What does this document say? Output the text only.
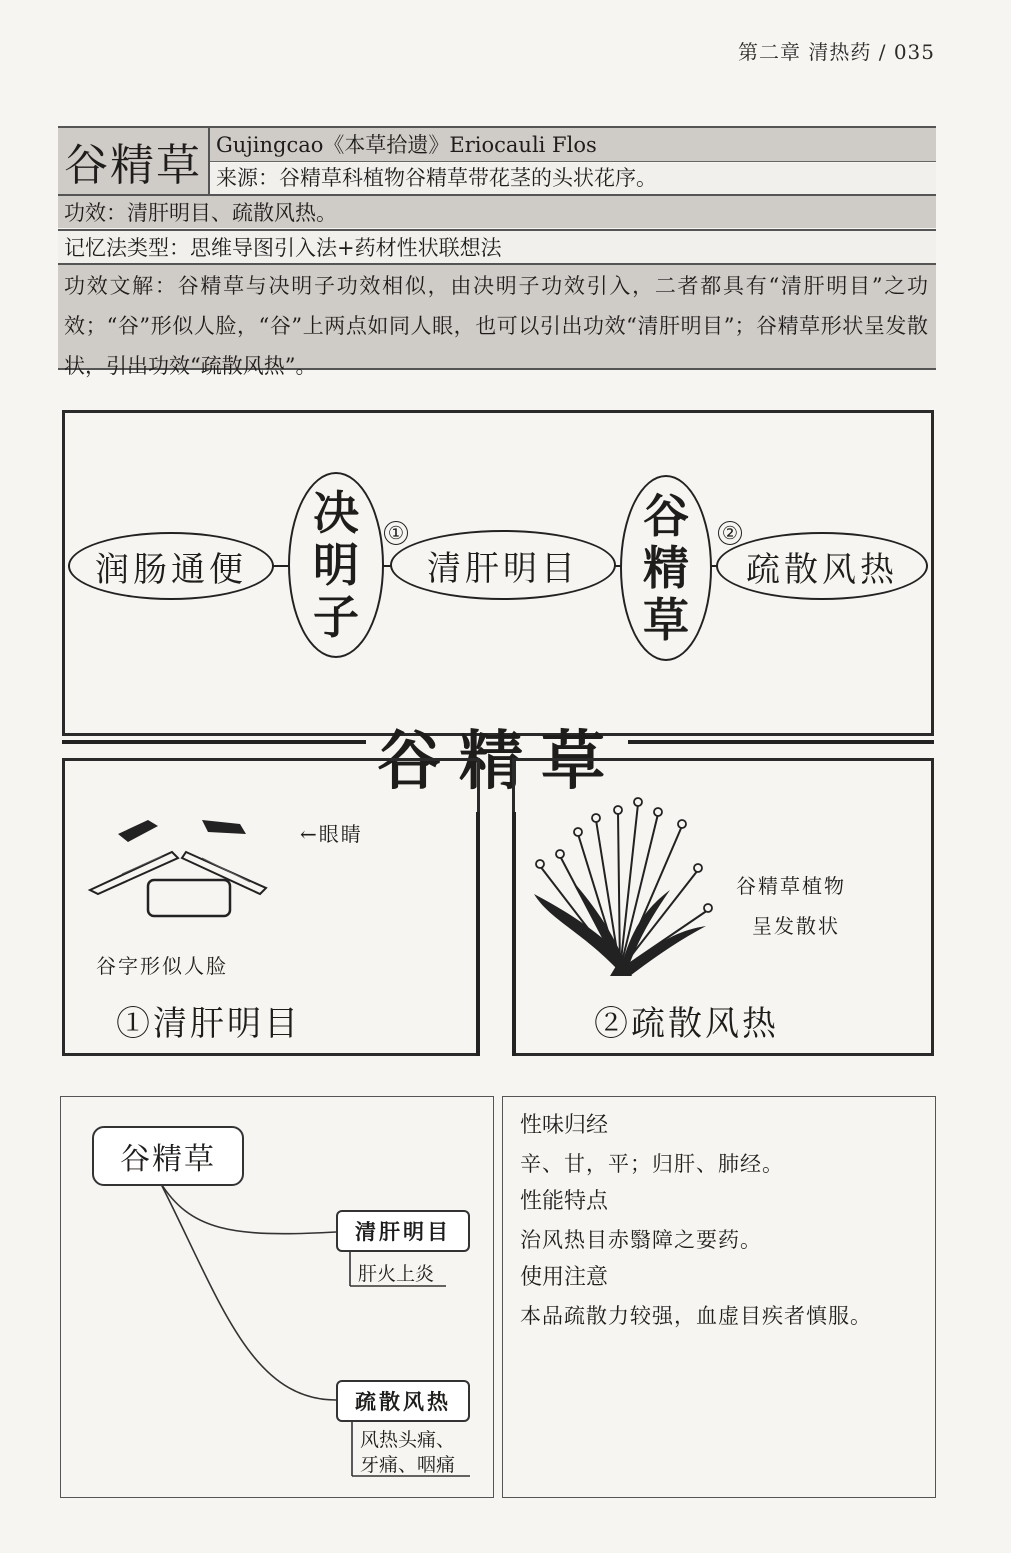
第二章 清热药 / 035
谷精草 Gujingcao《本草拾遗》Eriocauli Flos
来源：谷精草科植物谷精草带花茎的头状花序。
功效：清肝明目、疏散风热。
记忆法类型：思维导图引入法+药材性状联想法
功效文解：谷精草与决明子功效相似，由决明子功效引入，二者都具有“清肝明目”之功效；“谷”形似人脸，“谷”上两点如同人眼，也可以引出功效“清肝明目”；谷精草形状呈发散状，引出功效“疏散风热”。
润肠通便
决
明
子
①
清肝明目
谷
精
草
②
疏散风热
谷精草
←眼睛
谷字形似人脸
①清肝明目
谷精草植物
呈发散状
②疏散风热
谷精草
清肝明目
肝火上炎
疏散风热
风热头痛、
牙痛、咽痛
性味归经
辛、甘，平；归肝、肺经。
性能特点
治风热目赤翳障之要药。
使用注意
本品疏散力较强，血虚目疾者慎服。
